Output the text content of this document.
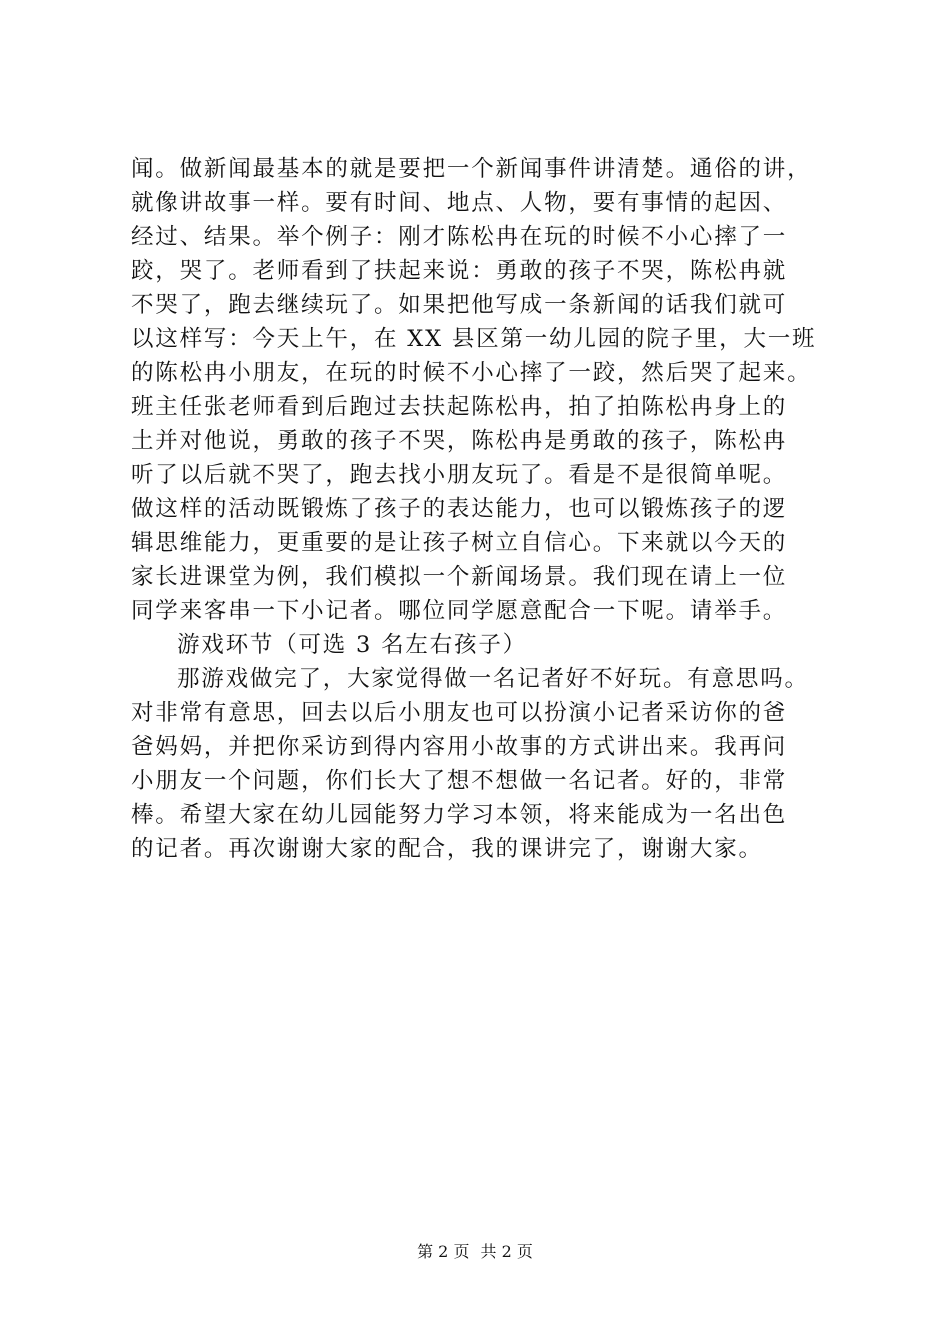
闻。做新闻最基本的就是要把一个新闻事件讲清楚。通俗的讲，
就像讲故事一样。要有时间、地点、人物，要有事情的起因、
经过、结果。举个例子：刚才陈松冉在玩的时候不小心摔了一
跤，哭了。老师看到了扶起来说：勇敢的孩子不哭，陈松冉就
不哭了，跑去继续玩了。如果把他写成一条新闻的话我们就可
以这样写：今天上午，在 XX 县区第一幼儿园的院子里，大一班
的陈松冉小朋友，在玩的时候不小心摔了一跤，然后哭了起来。
班主任张老师看到后跑过去扶起陈松冉，拍了拍陈松冉身上的
土并对他说，勇敢的孩子不哭，陈松冉是勇敢的孩子，陈松冉
听了以后就不哭了，跑去找小朋友玩了。看是不是很简单呢。
做这样的活动既锻炼了孩子的表达能力，也可以锻炼孩子的逻
辑思维能力，更重要的是让孩子树立自信心。下来就以今天的
家长进课堂为例，我们模拟一个新闻场景。我们现在请上一位
同学来客串一下小记者。哪位同学愿意配合一下呢。请举手。
游戏环节（可选 3 名左右孩子）
那游戏做完了，大家觉得做一名记者好不好玩。有意思吗。
对非常有意思，回去以后小朋友也可以扮演小记者采访你的爸
爸妈妈，并把你采访到得内容用小故事的方式讲出来。我再问
小朋友一个问题，你们长大了想不想做一名记者。好的，非常
棒。希望大家在幼儿园能努力学习本领，将来能成为一名出色
的记者。再次谢谢大家的配合，我的课讲完了，谢谢大家。
第 2 页 共 2 页
